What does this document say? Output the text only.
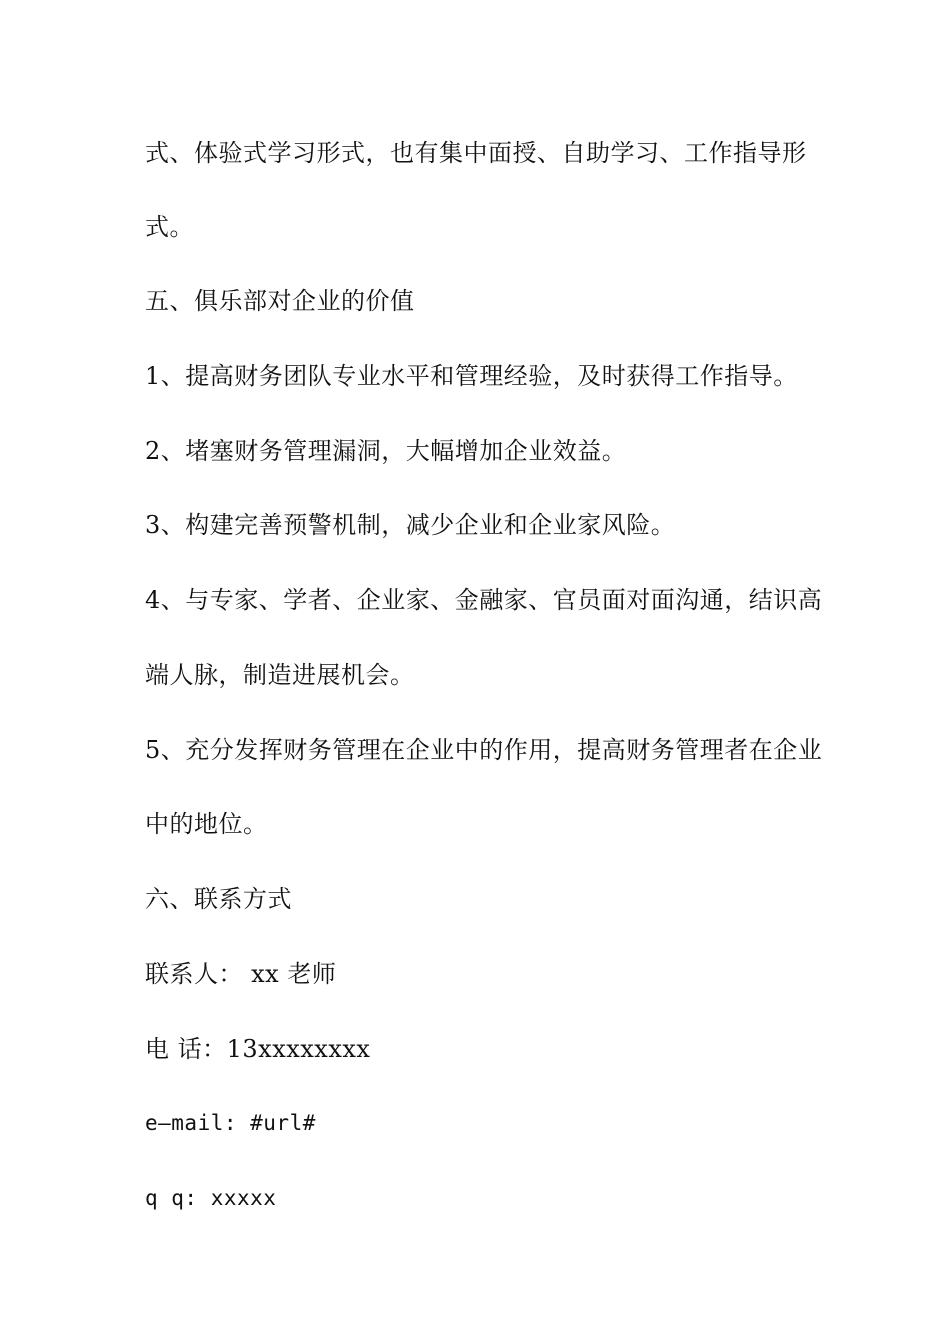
式、体验式学习形式，也有集中面授、自助学习、工作指导形
式。
五、俱乐部对企业的价值
1、提高财务团队专业水平和管理经验，及时获得工作指导。
2、堵塞财务管理漏洞，大幅增加企业效益。
3、构建完善预警机制，减少企业和企业家风险。
4、与专家、学者、企业家、金融家、官员面对面沟通，结识高
端人脉，制造进展机会。
5、充分发挥财务管理在企业中的作用，提高财务管理者在企业
中的地位。
六、联系方式
联系人： xx 老师
电 话：13xxxxxxxx
e—mail: #url#
q q: xxxxx
